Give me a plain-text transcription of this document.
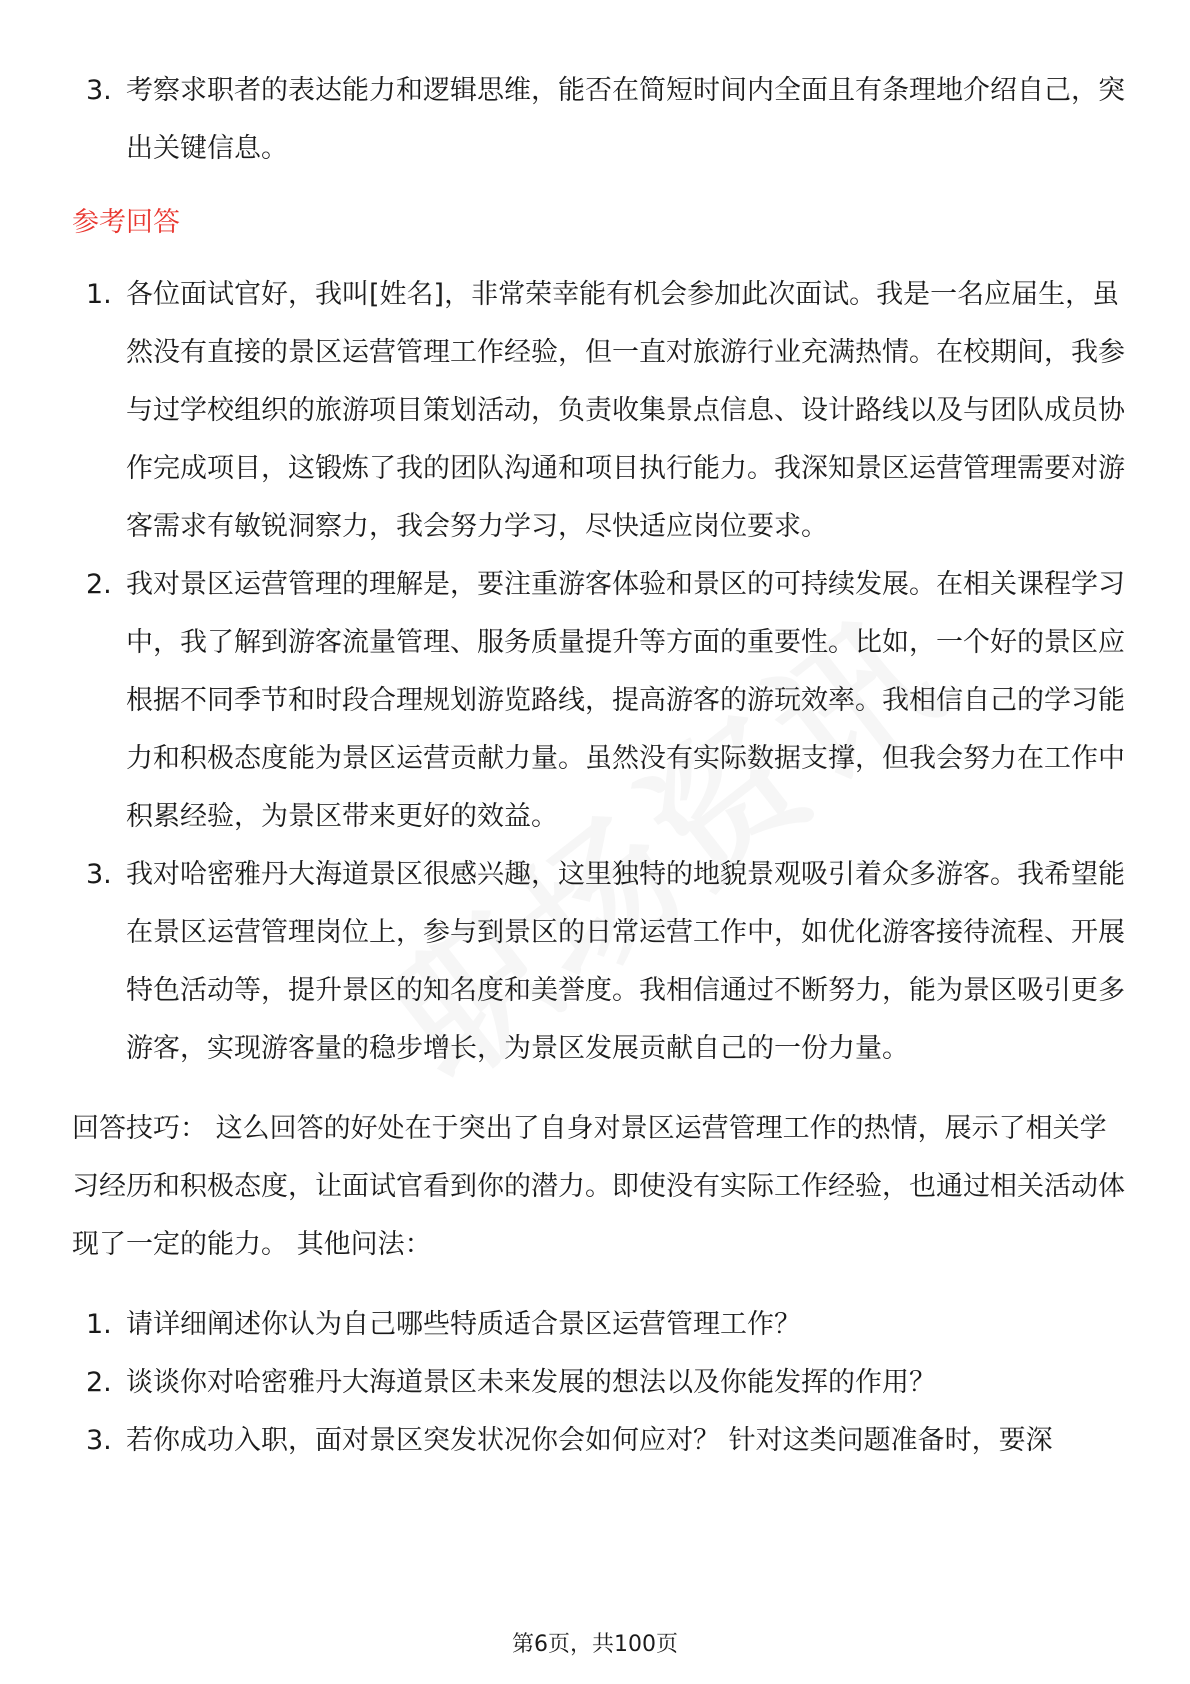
3. 考察求职者的表达能力和逻辑思维，能否在简短时间内全面且有条理地介绍自己，突出关键信息。
参考回答
1. 各位面试官好，我叫[姓名]，非常荣幸能有机会参加此次面试。我是一名应届生，虽然没有直接的景区运营管理工作经验，但一直对旅游行业充满热情。在校期间，我参与过学校组织的旅游项目策划活动，负责收集景点信息、设计路线以及与团队成员协作完成项目，这锻炼了我的团队沟通和项目执行能力。我深知景区运营管理需要对游客需求有敏锐洞察力，我会努力学习，尽快适应岗位要求。
2. 我对景区运营管理的理解是，要注重游客体验和景区的可持续发展。在相关课程学习中，我了解到游客流量管理、服务质量提升等方面的重要性。比如，一个好的景区应根据不同季节和时段合理规划游览路线，提高游客的游玩效率。我相信自己的学习能力和积极态度能为景区运营贡献力量。虽然没有实际数据支撑，但我会努力在工作中积累经验，为景区带来更好的效益。
3. 我对哈密雅丹大海道景区很感兴趣，这里独特的地貌景观吸引着众多游客。我希望能在景区运营管理岗位上，参与到景区的日常运营工作中，如优化游客接待流程、开展特色活动等，提升景区的知名度和美誉度。我相信通过不断努力，能为景区吸引更多游客，实现游客量的稳步增长，为景区发展贡献自己的一份力量。

回答技巧： 这么回答的好处在于突出了自身对景区运营管理工作的热情，展示了相关学习经历和积极态度，让面试官看到你的潜力。即使没有实际工作经验，也通过相关活动体现了一定的能力。 其他问法：

1. 请详细阐述你认为自己哪些特质适合景区运营管理工作？
2. 谈谈你对哈密雅丹大海道景区未来发展的想法以及你能发挥的作用？
3. 若你成功入职，面对景区突发状况你会如何应对？ 针对这类问题准备时，要深
第6页，共100页
